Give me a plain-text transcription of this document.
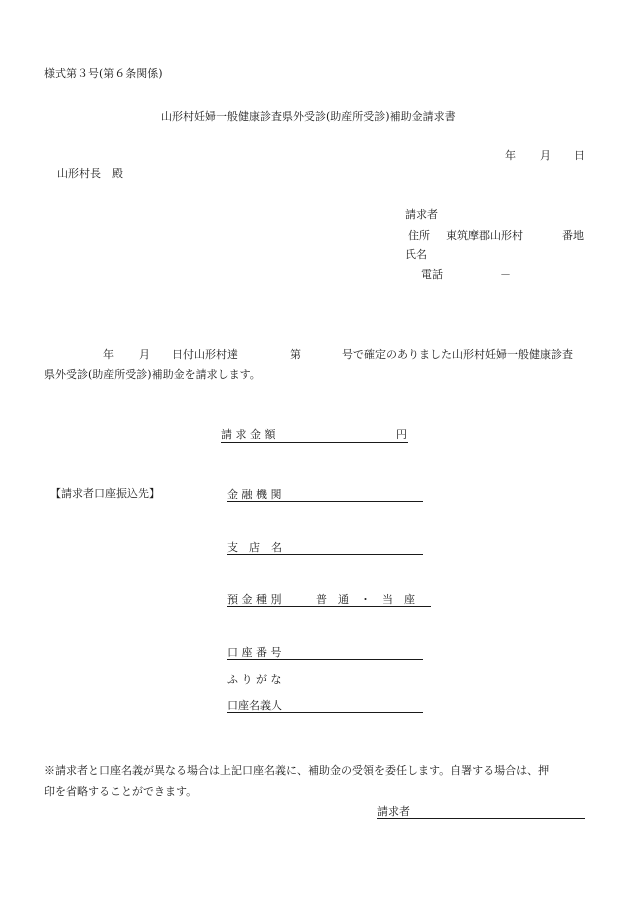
様式第３号(第６条関係)
山形村妊婦一般健康診査県外受診(助産所受診)補助金請求書
年 月 日
山形村長　殿
請求者
住所 東筑摩郡山形村	番地
氏名
電話	－
年 月 日付山形村達	第	号で確定のありました山形村妊婦一般健康診査
県外受診(助産所受診)補助金を請求します。
請 求 金 額	円
【請求者口座振込先】	金 融 機 関
支　店　名
預 金 種 別	普　通　・　当　座
口 座 番 号
ふ り が な
口座名義人
※請求者と口座名義が異なる場合は上記口座名義に、補助金の受領を委任します。自署する場合は、押
印を省略することができます。
請求者
